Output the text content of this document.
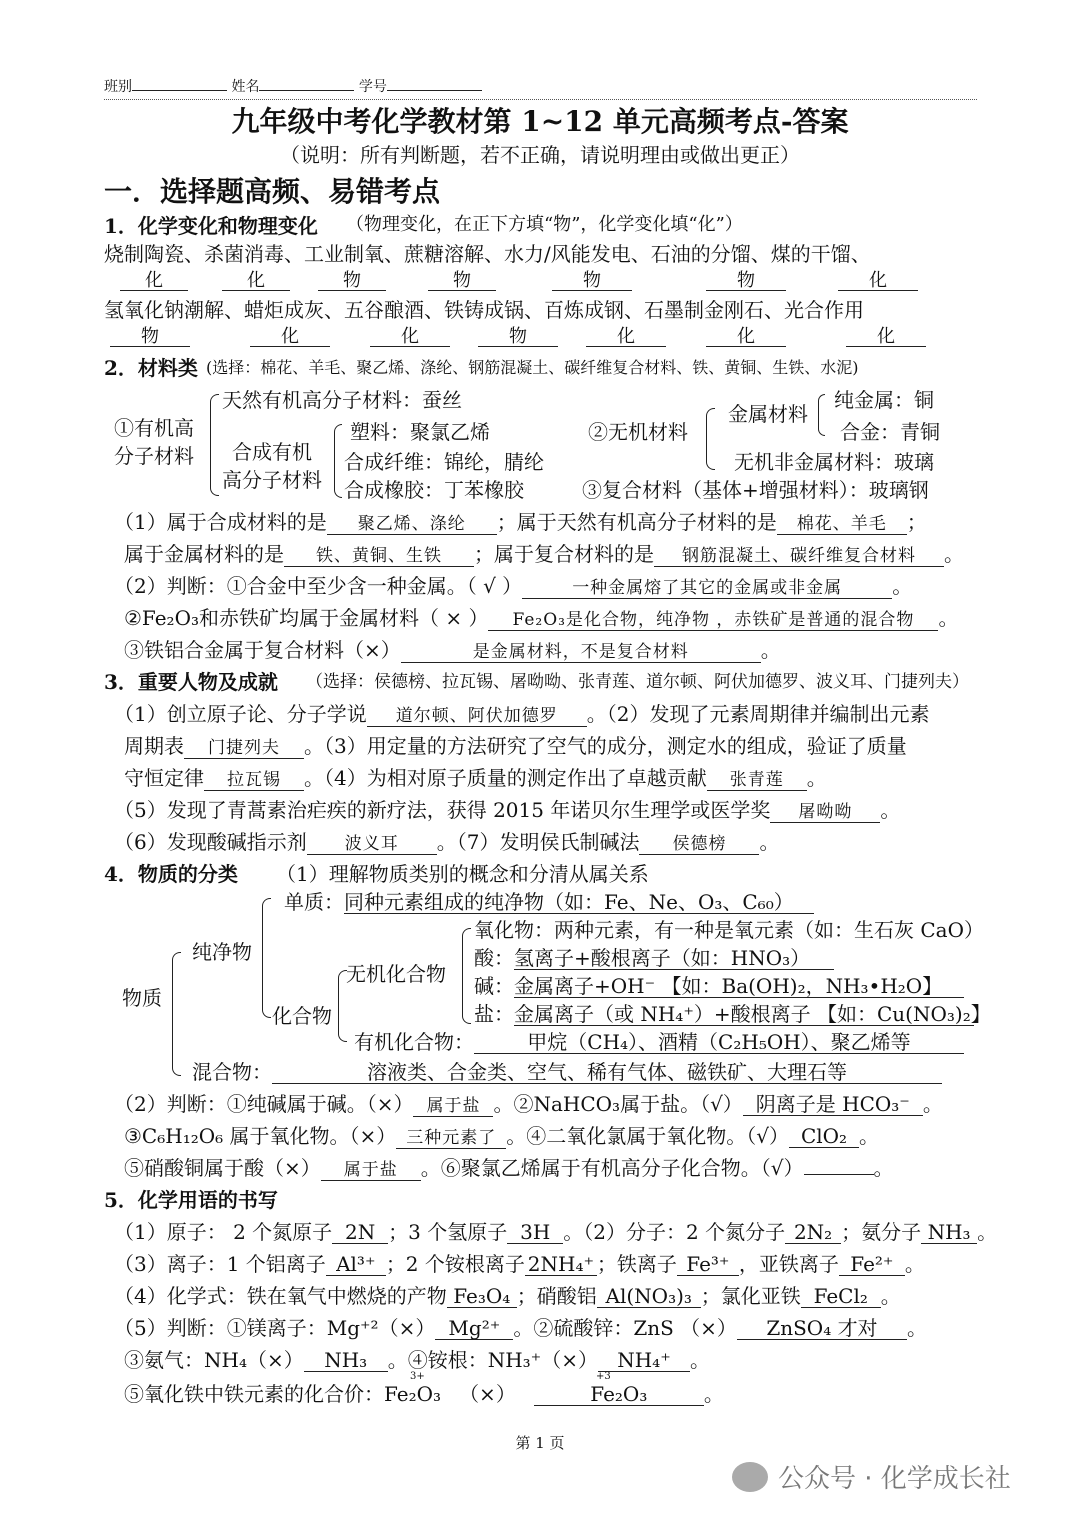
班别	姓名	学号
九年级中考化学教材第 1~12 单元高频考点-答案
（说明：所有判断题，若不正确，请说明理由或做出更正）
一．选择题高频、易错考点
1．化学变化和物理变化 （物理变化，在正下方填“物”，化学变化填“化”）
烧制陶瓷、杀菌消毒、工业制氧、蔗糖溶解、水力/风能发电、石油的分馏、煤的干馏、
化	化	物	物	物	物	化
氢氧化钠潮解、蜡炬成灰、五谷酿酒、铁铸成锅、百炼成钢、石墨制金刚石、光合作用
物	化	化	物	化	化	化
2．材料类 (选择：棉花、羊毛、聚乙烯、涤纶、钢筋混凝土、碳纤维复合材料、铁、黄铜、生铁、水泥)
①有机高
分子材料
天然有机高分子材料：蚕丝
合成有机
高分子材料
塑料：聚氯乙烯
合成纤维：锦纶，腈纶
合成橡胶：丁苯橡胶
②无机材料
金属材料
纯金属：铜
合金：青铜
无机非金属材料：玻璃
③复合材料（基体+增强材料）：玻璃钢
（1）属于合成材料的是 聚乙烯、涤纶 ；属于天然有机高分子材料的是 棉花、羊毛 ；
属于金属材料的是 铁、黄铜、生铁 ；属于复合材料的是 钢筋混凝土、碳纤维复合材料 。
（2）判断：①合金中至少含一种金属。（ √ ）	一种金属熔了其它的金属或非金属	。
②Fe₂O₃和赤铁矿均属于金属材料（ × ） Fe₂O₃是化合物，纯净物 ，赤铁矿是普通的混合物 。
③铁铝合金属于复合材料（×）	是金属材料，不是复合材料	。
3．重要人物及成就 （选择：侯德榜、拉瓦锡、屠呦呦、张青莲、道尔顿、阿伏加德罗、波义耳、门捷列夫）
（1）创立原子论、分子学说 道尔顿、阿伏加德罗 。（2）发现了元素周期律并编制出元素
周期表 门捷列夫 。（3）用定量的方法研究了空气的成分，测定水的组成，验证了质量
守恒定律 拉瓦锡 。（4）为相对原子质量的测定作出了卓越贡献 张青莲 。
（5）发现了青蒿素治疟疾的新疗法，获得 2015 年诺贝尔生理学或医学奖 屠呦呦 。
（6）发现酸碱指示剂 波义耳 。（7）发明侯氏制碱法 侯德榜 。
4．物质的分类 （1）理解物质类别的概念和分清从属关系
物质
纯净物
单质：同种元素组成的纯净物（如：Fe、Ne、O₃、C₆₀）
化合物
无机化合物
氧化物：两种元素，有一种是氧元素（如：生石灰 CaO）
酸：氢离子+酸根离子（如：HNO₃）
碱：金属离子+OH⁻ 【如：Ba(OH)₂，NH₃•H₂O】
盐：金属离子（或 NH₄⁺）+酸根离子 【如：Cu(NO₃)₂】
有机化合物：	甲烷（CH₄）、酒精（C₂H₅OH）、聚乙烯等
混合物：	溶液类、合金类、空气、稀有气体、磁铁矿、大理石等
（2）判断：①纯碱属于碱。（×） 属于盐 。②NaHCO₃属于盐。（√） 阴离子是 HCO₃⁻ 。
③C₆H₁₂O₆ 属于氧化物。（×） 三种元素了 。④二氧化氯属于氧化物。（√） ClO₂ 。
⑤硝酸铜属于酸（×） 属于盐 。⑥聚氯乙烯属于有机高分子化合物。（√）	。
5．化学用语的书写
（1）原子： 2 个氮原子 2N ；3 个氢原子 3H 。（2）分子：2 个氮分子 2N₂ ；氨分子 NH₃ 。
（3）离子：1 个铝离子 Al³⁺ ；2 个铵根离子 2NH₄⁺ ；铁离子 Fe³⁺ ，亚铁离子 Fe²⁺ 。
（4）化学式：铁在氧气中燃烧的产物 Fe₃O₄ ；硝酸铝 Al(NO₃)₃ ；氯化亚铁 FeCl₂ 。
（5）判断：①镁离子：Mg⁺²（×） Mg²⁺ 。②硫酸锌：ZnS （×） ZnSO₄ 才对 。
③氨气：NH₄（×） NH₃ 。④铵根：NH₃⁺（×） NH₄⁺ 。
3+	+3
⑤氧化铁中铁元素的化合价：Fe₂O₃ （×）	Fe₂O₃	。
第 1 页
公众号 · 化学成长社
